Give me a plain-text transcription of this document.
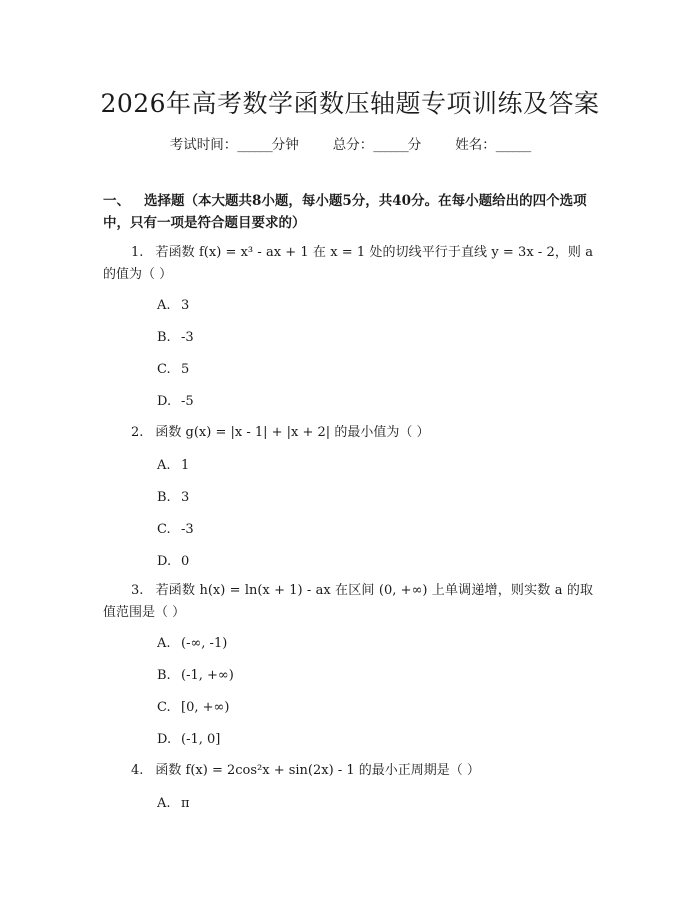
2026年高考数学函数压轴题专项训练及答案
考试时间：______分钟	总分：______分	姓名：______
一、 选择题（本大题共8小题，每小题5分，共40分。在每小题给出的四个选项中，只有一项是符合题目要求的）
1. 若函数 f(x) = x³ - ax + 1 在 x = 1 处的切线平行于直线 y = 3x - 2，则 a 的值为（ ）
A. 3
B. -3
C. 5
D. -5
2. 函数 g(x) = |x - 1| + |x + 2| 的最小值为（ ）
A. 1
B. 3
C. -3
D. 0
3. 若函数 h(x) = ln(x + 1) - ax 在区间 (0, +∞) 上单调递增，则实数 a 的取值范围是（ ）
A. (-∞, -1)
B. (-1, +∞)
C. [0, +∞)
D. (-1, 0]
4. 函数 f(x) = 2cos²x + sin(2x) - 1 的最小正周期是（ ）
A. π
